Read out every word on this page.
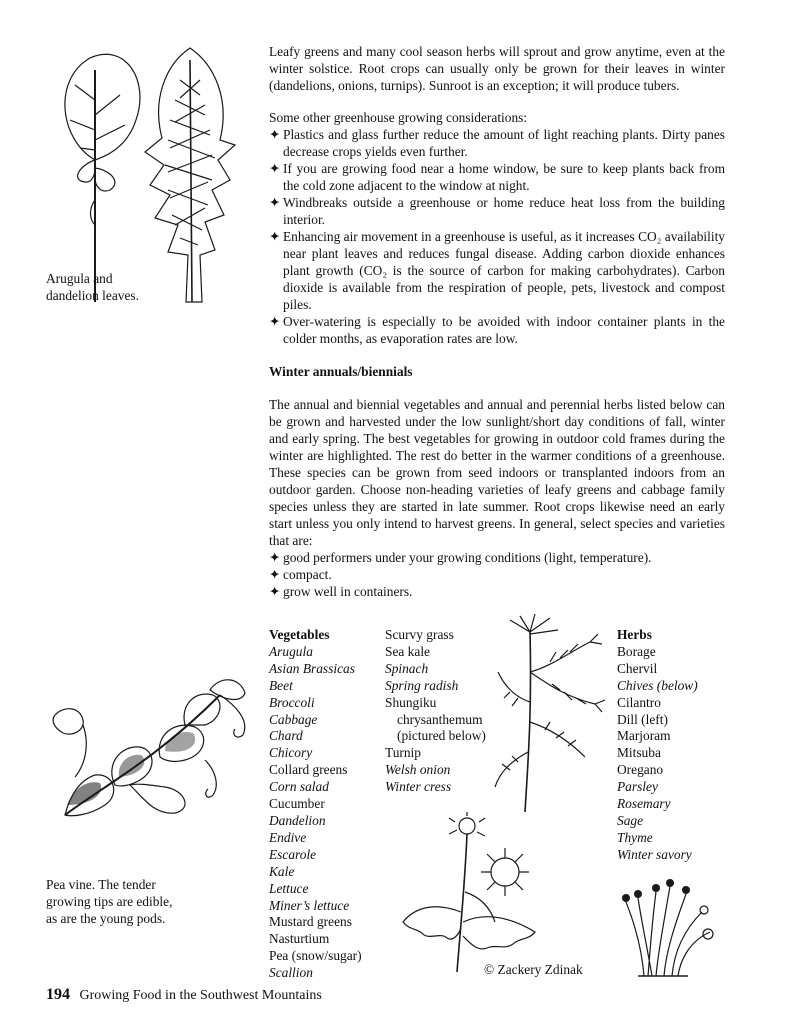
Arugula and dandelion leaves.
Pea vine. The tender growing tips are edible, as are the young pods.

Leafy greens and many cool season herbs will sprout and grow anytime, even at the winter solstice. Root crops can usually only be grown for their leaves in winter (dandelions, onions, turnips). Sunroot is an exception; it will produce tubers.

Some other greenhouse growing considerations:

✦ Plastics and glass further reduce the amount of light reaching plants. Dirty panes decrease crops yields even further.
✦ If you are growing food near a home window, be sure to keep plants back from the cold zone adjacent to the window at night.
✦ Windbreaks outside a greenhouse or home reduce heat loss from the building interior.
✦ Enhancing air movement in a greenhouse is useful, as it increases CO₂ availability near plant leaves and reduces fungal disease. Adding carbon dioxide enhances plant growth (CO₂ is the source of carbon for making carbohydrates). Carbon dioxide is available from the respiration of people, pets, livestock and compost piles.
✦ Over-watering is especially to be avoided with indoor container plants in the colder months, as evaporation rates are low.

Winter annuals/biennials

The annual and biennial vegetables and annual and perennial herbs listed below can be grown and harvested under the low sunlight/short day conditions of fall, winter and early spring. The best vegetables for growing in outdoor cold frames during the winter are highlighted. The rest do better in the warmer conditions of a greenhouse. These species can be grown from seed indoors or transplanted indoors from an outdoor garden. Choose non-heading varieties of leafy greens and cabbage family species unless they are started in late summer. Root crops likewise need an early start unless you only intend to harvest greens. In general, select species and varieties that are:

✦ good performers under your growing conditions (light, temperature).
✦ compact.
✦ grow well in containers.
Vegetables
Arugula
Asian Brassicas
Beet
Broccoli
Cabbage
Chard
Chicory
Collard greens
Corn salad
Cucumber
Dandelion
Endive
Escarole
Kale
Lettuce
Miner’s lettuce
Mustard greens
Nasturtium
Pea (snow/sugar)
Scallion
Scurvy grass
Sea kale
Spinach
Spring radish
Shungiku
chrysanthemum
(pictured below)
Turnip
Welsh onion
Winter cress
Herbs
Borage
Chervil
Chives (below)
Cilantro
Dill (left)
Marjoram
Mitsuba
Oregano
Parsley
Rosemary
Sage
Thyme
Winter savory
© Zackery Zdinak
194 Growing Food in the Southwest Mountains
